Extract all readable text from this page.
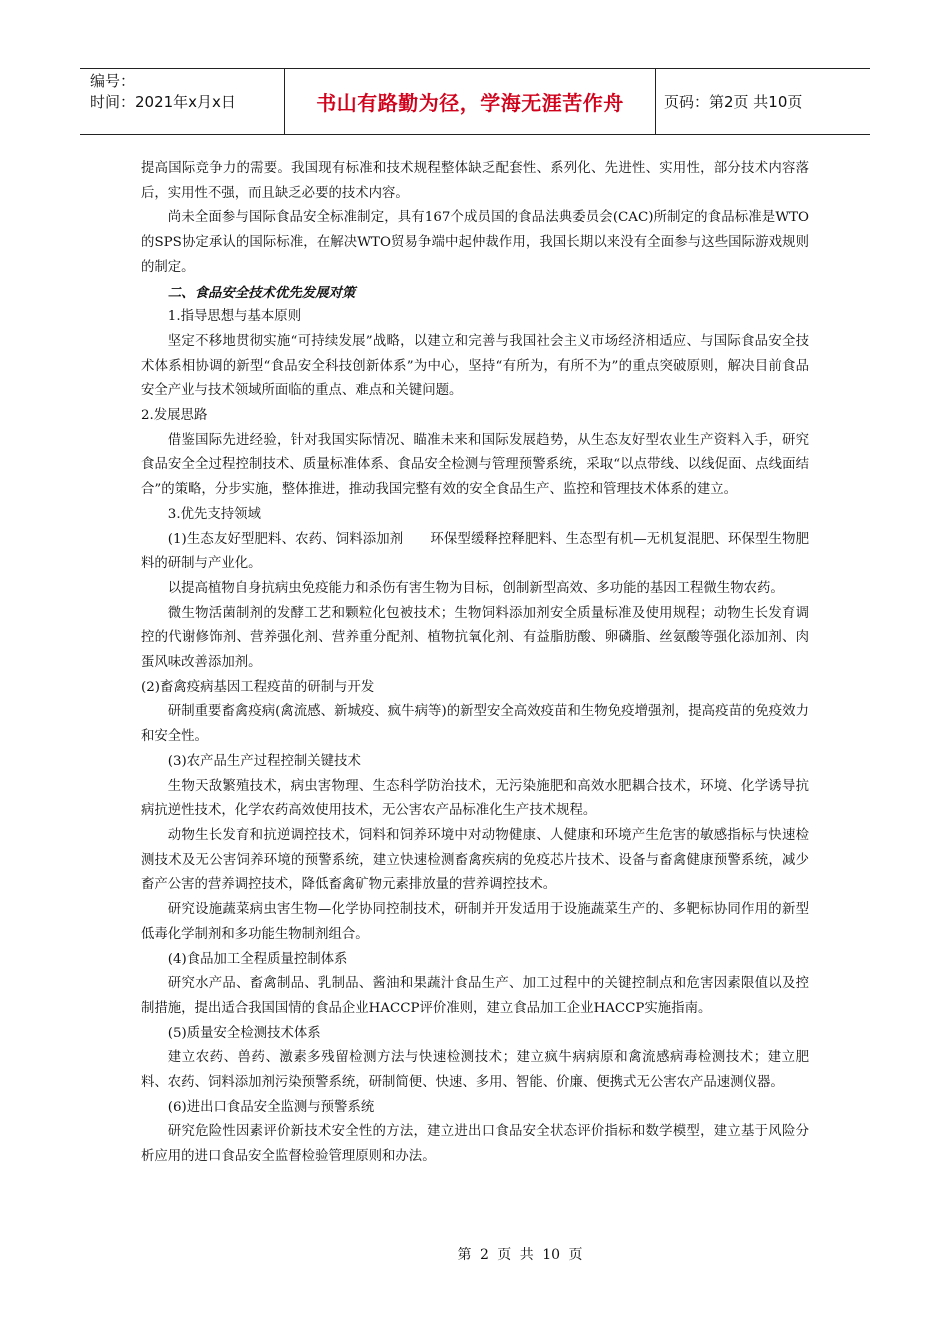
编号：
时间：2021年x月x日	书山有路勤为径，学海无涯苦作舟	页码：第2页 共10页

提高国际竞争力的需要。我国现有标准和技术规程整体缺乏配套性、系列化、先进性、实用性，部分技术内容落后，实用性不强，而且缺乏必要的技术内容。

尚未全面参与国际食品安全标准制定，具有167个成员国的食品法典委员会(CAC)所制定的食品标准是WTO的SPS协定承认的国际标准，在解决WTO贸易争端中起仲裁作用，我国长期以来没有全面参与这些国际游戏规则的制定。

二、食品安全技术优先发展对策

1.指导思想与基本原则

坚定不移地贯彻实施“可持续发展”战略，以建立和完善与我国社会主义市场经济相适应、与国际食品安全技术体系相协调的新型“食品安全科技创新体系”为中心，坚持“有所为，有所不为”的重点突破原则，解决目前食品安全产业与技术领域所面临的重点、难点和关键问题。

2.发展思路

借鉴国际先进经验，针对我国实际情况、瞄准未来和国际发展趋势，从生态友好型农业生产资料入手，研究食品安全全过程控制技术、质量标准体系、食品安全检测与管理预警系统，采取“以点带线、以线促面、点线面结合”的策略，分步实施，整体推进，推动我国完整有效的安全食品生产、监控和管理技术体系的建立。

3.优先支持领域

(1)生态友好型肥料、农药、饲料添加剂　　环保型缓释控释肥料、生态型有机—无机复混肥、环保型生物肥料的研制与产业化。

以提高植物自身抗病虫免疫能力和杀伤有害生物为目标，创制新型高效、多功能的基因工程微生物农药。

微生物活菌制剂的发酵工艺和颗粒化包被技术；生物饲料添加剂安全质量标准及使用规程；动物生长发育调控的代谢修饰剂、营养强化剂、营养重分配剂、植物抗氧化剂、有益脂肪酸、卵磷脂、丝氨酸等强化添加剂、肉蛋风味改善添加剂。

(2)畜禽疫病基因工程疫苗的研制与开发

研制重要畜禽疫病(禽流感、新城疫、疯牛病等)的新型安全高效疫苗和生物免疫增强剂，提高疫苗的免疫效力和安全性。

(3)农产品生产过程控制关键技术

生物天敌繁殖技术，病虫害物理、生态科学防治技术，无污染施肥和高效水肥耦合技术，环境、化学诱导抗病抗逆性技术，化学农药高效使用技术，无公害农产品标准化生产技术规程。

动物生长发育和抗逆调控技术，饲料和饲养环境中对动物健康、人健康和环境产生危害的敏感指标与快速检测技术及无公害饲养环境的预警系统，建立快速检测畜禽疾病的免疫芯片技术、设备与畜禽健康预警系统，减少畜产公害的营养调控技术，降低畜禽矿物元素排放量的营养调控技术。

研究设施蔬菜病虫害生物—化学协同控制技术，研制并开发适用于设施蔬菜生产的、多靶标协同作用的新型低毒化学制剂和多功能生物制剂组合。

(4)食品加工全程质量控制体系

研究水产品、畜禽制品、乳制品、酱油和果蔬汁食品生产、加工过程中的关键控制点和危害因素限值以及控制措施，提出适合我国国情的食品企业HACCP评价准则，建立食品加工企业HACCP实施指南。

(5)质量安全检测技术体系

建立农药、兽药、激素多残留检测方法与快速检测技术；建立疯牛病病原和禽流感病毒检测技术；建立肥料、农药、饲料添加剂污染预警系统，研制简便、快速、多用、智能、价廉、便携式无公害农产品速测仪器。

(6)进出口食品安全监测与预警系统

研究危险性因素评价新技术安全性的方法，建立进出口食品安全状态评价指标和数学模型，建立基于风险分析应用的进口食品安全监督检验管理原则和办法。

第 2 页 共 10 页
